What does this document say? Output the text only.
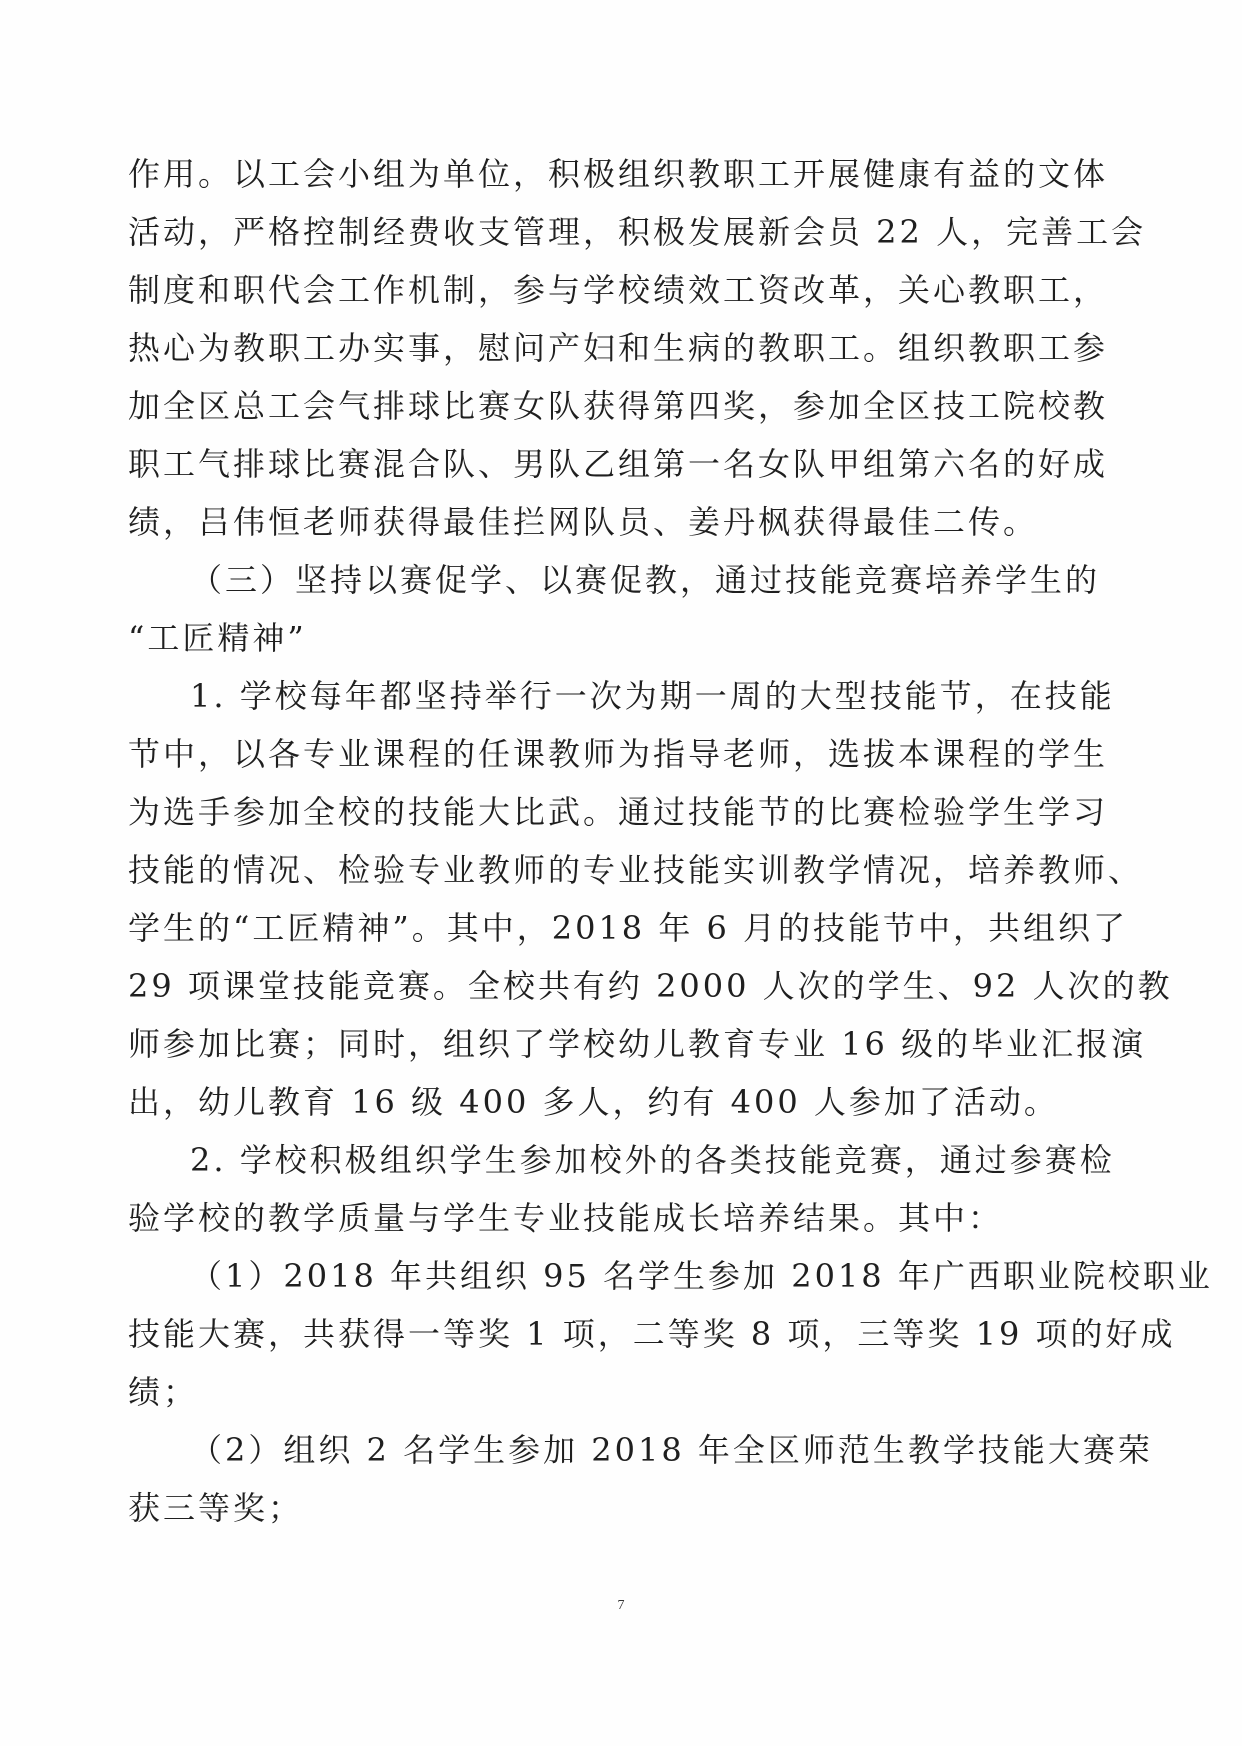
作用。以工会小组为单位，积极组织教职工开展健康有益的文体
活动，严格控制经费收支管理，积极发展新会员 22 人，完善工会
制度和职代会工作机制，参与学校绩效工资改革，关心教职工，
热心为教职工办实事，慰问产妇和生病的教职工。组织教职工参
加全区总工会气排球比赛女队获得第四奖，参加全区技工院校教
职工气排球比赛混合队、男队乙组第一名女队甲组第六名的好成
绩，吕伟恒老师获得最佳拦网队员、姜丹枫获得最佳二传。
（三）坚持以赛促学、以赛促教，通过技能竞赛培养学生的
“工匠精神”
1. 学校每年都坚持举行一次为期一周的大型技能节，在技能
节中，以各专业课程的任课教师为指导老师，选拔本课程的学生
为选手参加全校的技能大比武。通过技能节的比赛检验学生学习
技能的情况、检验专业教师的专业技能实训教学情况，培养教师、
学生的“工匠精神”。其中，2018 年 6 月的技能节中，共组织了
29 项课堂技能竞赛。全校共有约 2000 人次的学生、92 人次的教
师参加比赛；同时，组织了学校幼儿教育专业 16 级的毕业汇报演
出，幼儿教育 16 级 400 多人，约有 400 人参加了活动。
2. 学校积极组织学生参加校外的各类技能竞赛，通过参赛检
验学校的教学质量与学生专业技能成长培养结果。其中：
（1）2018 年共组织 95 名学生参加 2018 年广西职业院校职业
技能大赛，共获得一等奖 1 项，二等奖 8 项，三等奖 19 项的好成
绩；
（2）组织 2 名学生参加 2018 年全区师范生教学技能大赛荣
获三等奖；
7
